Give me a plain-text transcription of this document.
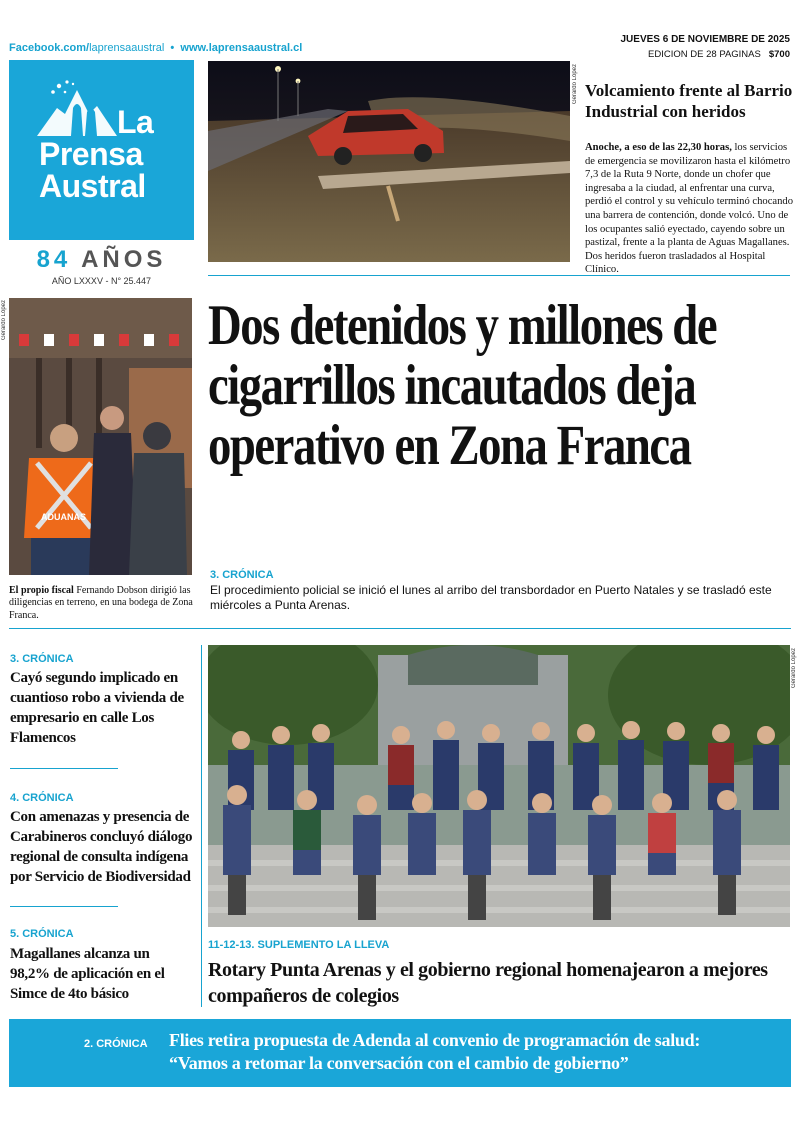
Facebook.com/laprensaaustral • www.laprensaaustral.cl
JUEVES 6 DE NOVIEMBRE DE 2025
EDICION DE 28 PAGINAS $700
La
Prensa
Austral
84 AÑOS
AÑO LXXXV - N° 25.447
Gerardo López Volcamiento frente al Barrio Industrial con heridos
Anoche, a eso de las 22,30 horas, los servicios de emergencia se movilizaron hasta el kilómetro 7,3 de la Ruta 9 Norte, donde un chofer que ingresaba a la ciudad, al enfrentar una curva, perdió el control y su vehículo terminó chocando una barrera de contención, donde volcó. Uno de los ocupantes salió eyectado, cayendo sobre un pastizal, frente a la planta de Aguas Magallanes. Dos heridos fueron trasladados al Hospital Clínico.
Gerardo López
ADUANAS
El propio fiscal Fernando Dobson dirigió las diligencias en terreno, en una bodega de Zona Franca.
Dos detenidos y millones de cigarrillos incautados deja operativo en Zona Franca
3. CRÓNICA
El procedimiento policial se inició el lunes al arribo del transbordador en Puerto Natales y se trasladó este miércoles a Punta Arenas.
3. CRÓNICA
Cayó segundo implicado en cuantioso robo a vivienda de empresario en calle Los Flamencos
4. CRÓNICA
Con amenazas y presencia de Carabineros concluyó diálogo regional de consulta indígena por Servicio de Biodiversidad
5. CRÓNICA
Magallanes alcanza un 98,2% de aplicación en el Simce de 4to básico
Gerardo López
11-12-13. SUPLEMENTO LA LLEVA
Rotary Punta Arenas y el gobierno regional homenajearon a mejores compañeros de colegios
2. CRÓNICA Flies retira propuesta de Adenda al convenio de programación de salud:
“Vamos a retomar la conversación con el cambio de gobierno”
